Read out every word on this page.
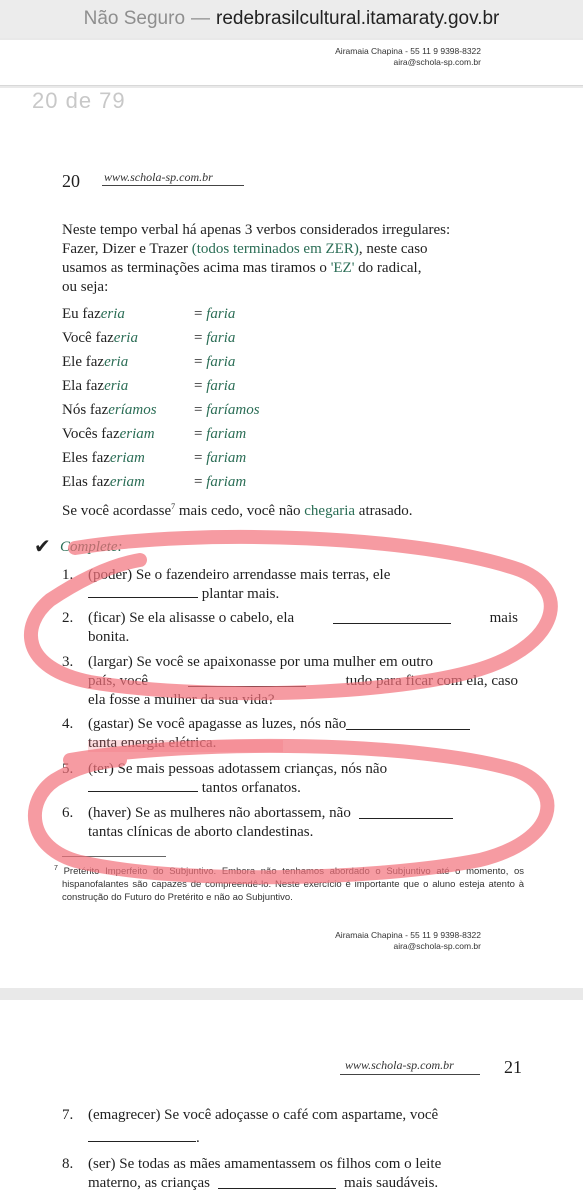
Não Seguro — redebrasilcultural.itamaraty.gov.br
Airamaia Chapina - 55 11 9 9398-8322
aira@schola-sp.com.br
20 www.schola-sp.com.br
Neste tempo verbal há apenas 3 verbos considerados irregulares:
Fazer, Dizer e Trazer (todos terminados em ZER), neste caso
usamos as terminações acima mas tiramos o 'EZ' do radical,
ou seja:
Eu fazeria	= faria
Você fazeria	= faria
Ele fazeria	= faria
Ela fazeria	= faria
Nós fazeríamos	= faríamos
Vocês fazeriam	= fariam
Eles fazeriam	= fariam
Elas fazeriam	= fariam
Se você acordasse$^7$ mais cedo, você não chegaria atrasado.
✔ Complete:
1. (poder) Se o fazendeiro arrendasse mais terras, ele
plantar mais.
2. (ficar) Se ela alisasse o cabelo, ela	mais
bonita.
3. (largar) Se você se apaixonasse por uma mulher em outro
país, você	tudo para ficar com ela, caso
ela fosse a mulher da sua vida?
4. (gastar) Se você apagasse as luzes, nós não
tanta energia elétrica.
5. (ter) Se mais pessoas adotassem crianças, nós não
tantos orfanatos.
6. (haver) Se as mulheres não abortassem, não
tantas clínicas de aborto clandestinas.
$^7$ Pretérito Imperfeito do Subjuntivo. Embora não tenhamos abordado o Subjuntivo até o momento, os hispanofalantes são capazes de compreendê-lo. Neste exercício é importante que o aluno esteja atento à construção do Futuro do Pretérito e não ao Subjuntivo.
Airamaia Chapina - 55 11 9 9398-8322
aira@schola-sp.com.br
20 de 79
www.schola-sp.com.br	21
7. (emagrecer) Se você adoçasse o café com aspartame, você
.
8. (ser) Se todas as mães amamentassem os filhos com o leite
materno, as crianças	mais saudáveis.
